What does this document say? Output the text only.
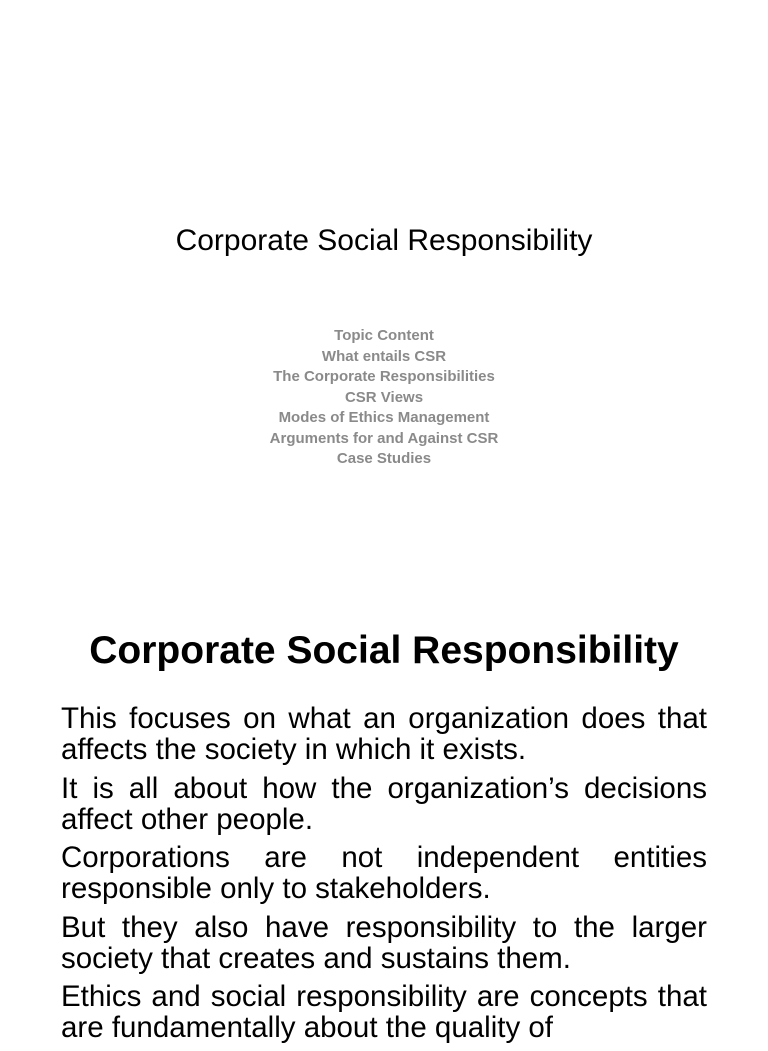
Corporate Social Responsibility
Topic Content
What entails CSR
The Corporate Responsibilities
CSR Views
Modes of Ethics Management
Arguments for and Against CSR
Case Studies
Corporate Social Responsibility
This focuses on what an organization does that affects the society in which it exists.
It is all about how the organization’s decisions affect other people.
Corporations are not independent entities responsible only to stakeholders.
But they also have responsibility to the larger society that creates and sustains them.
Ethics and social responsibility are concepts that are fundamentally about the quality of
